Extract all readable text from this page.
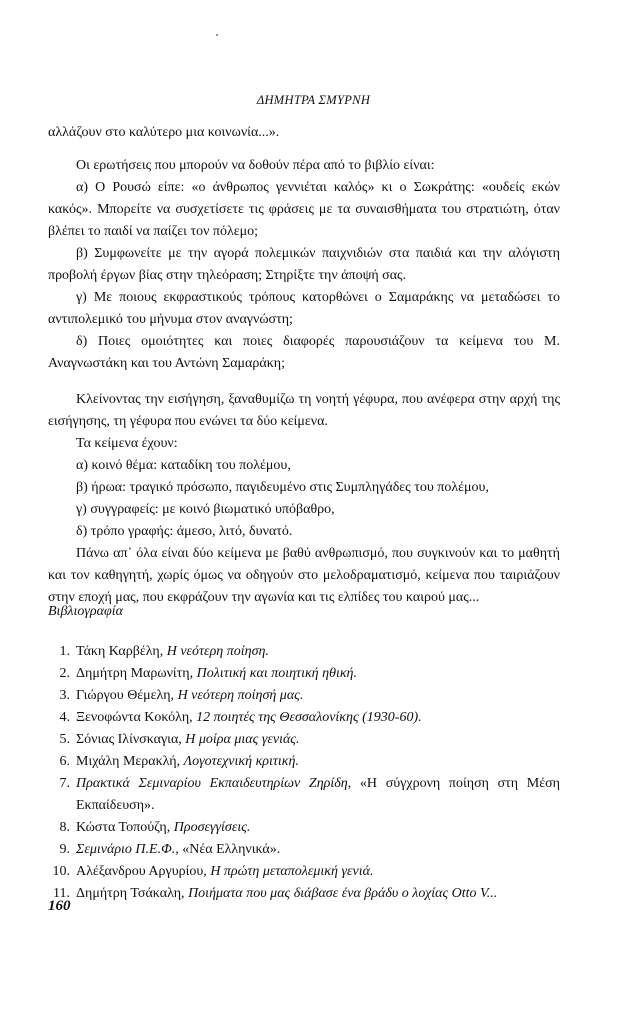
ΔΗΜΗΤΡΑ ΣΜΥΡΝΗ

αλλάζουν στο καλύτερο μια κοινωνία...».

Οι ερωτήσεις που μπορούν να δοθούν πέρα από το βιβλίο είναι:

α) Ο Ρουσώ είπε: «ο άνθρωπος γεννιέται καλός» κι ο Σωκράτης: «ουδείς εκών κακός». Μπορείτε να συσχετίσετε τις φράσεις με τα συναισθήματα του στρατιώτη, όταν βλέπει το παιδί να παίζει τον πόλεμο;

β) Συμφωνείτε με την αγορά πολεμικών παιχνιδιών στα παιδιά και την αλόγιστη προβολή έργων βίας στην τηλεόραση; Στηρίξτε την άποψή σας.

γ) Με ποιους εκφραστικούς τρόπους κατορθώνει ο Σαμαράκης να μεταδώσει το αντιπολεμικό του μήνυμα στον αναγνώστη;

δ) Ποιες ομοιότητες και ποιες διαφορές παρουσιάζουν τα κείμενα του Μ. Αναγνωστάκη και του Αντώνη Σαμαράκη;

Κλείνοντας την εισήγηση, ξαναθυμίζω τη νοητή γέφυρα, που ανέφερα στην αρχή της εισήγησης, τη γέφυρα που ενώνει τα δύο κείμενα.

Τα κείμενα έχουν:

α) κοινό θέμα: καταδίκη του πολέμου,

β) ήρωα: τραγικό πρόσωπο, παγιδευμένο στις Συμπληγάδες του πολέμου,

γ) συγγραφείς: με κοινό βιωματικό υπόβαθρο,

δ) τρόπο γραφής: άμεσο, λιτό, δυνατό.

Πάνω απ᾿ όλα είναι δύο κείμενα με βαθύ ανθρωπισμό, που συγκινούν και το μαθητή και τον καθηγητή, χωρίς όμως να οδηγούν στο μελοδραματισμό, κείμενα που ταιριάζουν στην εποχή μας, που εκφράζουν την αγωνία και τις ελπίδες του καιρού μας...

Βιβλιογραφία
1. Τάκη Καρβέλη, Η νεότερη ποίηση.
2. Δημήτρη Μαρωνίτη, Πολιτική και ποιητική ηθική.
3. Γιώργου Θέμελη, Η νεότερη ποίησή μας.
4. Ξενοφώντα Κοκόλη, 12 ποιητές της Θεσσαλονίκης (1930-60).
5. Σόνιας Ιλίνσκαγια, Η μοίρα μιας γενιάς.
6. Μιχάλη Μερακλή, Λογοτεχνική κριτική.
7. Πρακτικά Σεμιναρίου Εκπαιδευτηρίων Ζηρίδη, «Η σύγχρονη ποίηση στη Μέση Εκπαίδευση».
8. Κώστα Τοπούζη, Προσεγγίσεις.
9. Σεμινάριο Π.Ε.Φ., «Νέα Ελληνικά».
10. Αλέξανδρου Αργυρίου, Η πρώτη μεταπολεμική γενιά.
11. Δημήτρη Τσάκαλη, Ποιήματα που μας διάβασε ένα βράδυ ο λοχίας Otto V...
160
